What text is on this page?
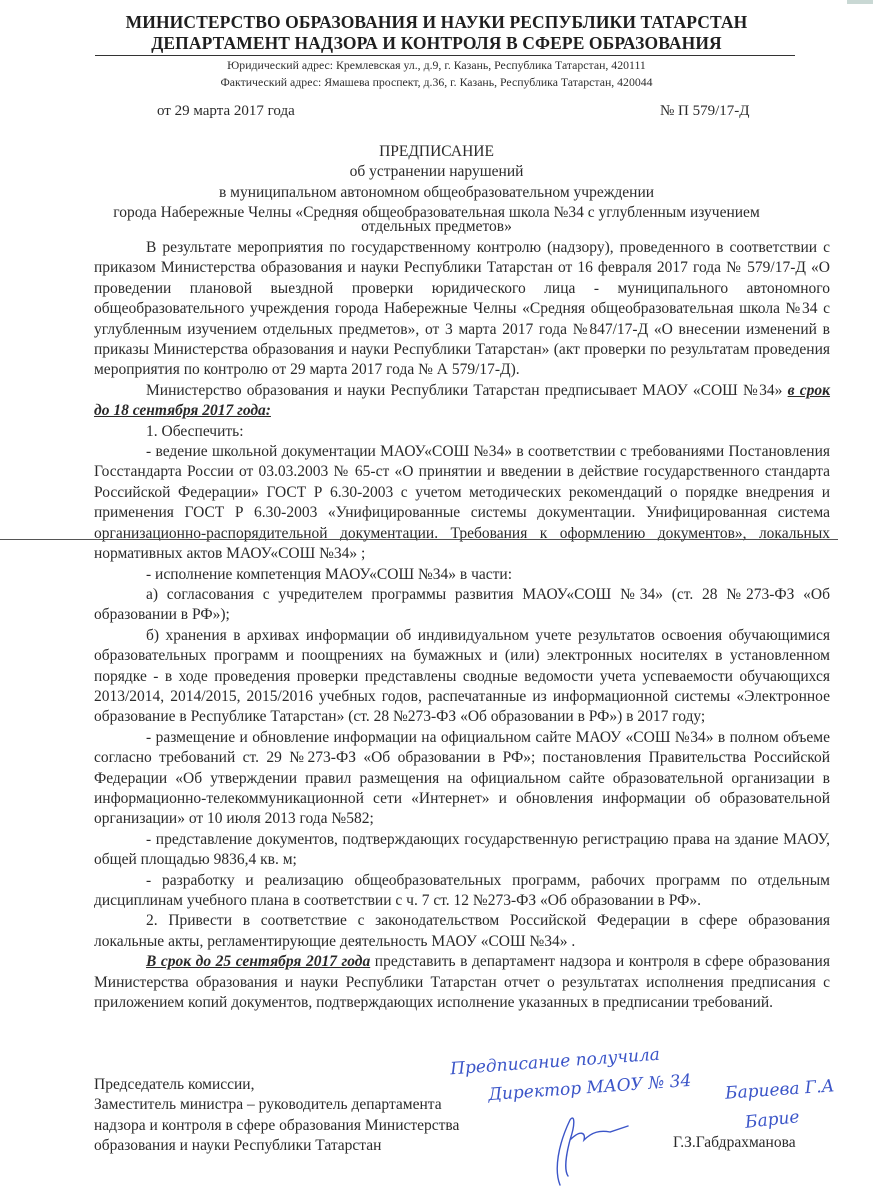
МИНИСТЕРСТВО ОБРАЗОВАНИЯ И НАУКИ РЕСПУБЛИКИ ТАТАРСТАН
ДЕПАРТАМЕНТ НАДЗОРА И КОНТРОЛЯ В СФЕРЕ ОБРАЗОВАНИЯ
Юридический адрес: Кремлевская ул., д.9, г. Казань, Республика Татарстан, 420111
Фактический адрес: Ямашева проспект, д.36, г. Казань, Республика Татарстан, 420044
от 29 марта 2017 года	№ П 579/17-Д
ПРЕДПИСАНИЕ
об устранении нарушений
в муниципальном автономном общеобразовательном учреждении
города Набережные Челны «Средняя общеобразовательная школа №34 с углубленным изучением
отдельных предметов»

В результате мероприятия по государственному контролю (надзору), проведенного в соответствии с приказом Министерства образования и науки Республики Татарстан от 16 февраля 2017 года № 579/17-Д «О проведении плановой выездной проверки юридического лица - муниципального автономного общеобразовательного учреждения города Набережные Челны «Средняя общеобразовательная школа №34 с углубленным изучением отдельных предметов», от 3 марта 2017 года №847/17-Д «О внесении изменений в приказы Министерства образования и науки Республики Татарстан» (акт проверки по результатам проведения мероприятия по контролю от 29 марта 2017 года № А 579/17-Д).

Министерство образования и науки Республики Татарстан предписывает МАОУ «СОШ №34» в срок до 18 сентября 2017 года:

1. Обеспечить:

- ведение школьной документации МАОУ«СОШ №34» в соответствии с требованиями Постановления Госстандарта России от 03.03.2003 № 65-ст «О принятии и введении в действие государственного стандарта Российской Федерации» ГОСТ Р 6.30-2003 с учетом методических рекомендаций о порядке внедрения и применения ГОСТ Р 6.30-2003 «Унифицированные системы документации. Унифицированная система организационно-распорядительной документации. Требования к оформлению документов», локальных нормативных актов МАОУ«СОШ №34» ;

- исполнение компетенция МАОУ«СОШ №34» в части:

а) согласования с учредителем программы развития МАОУ«СОШ №34» (ст. 28 №273-ФЗ «Об образовании в РФ»);

б) хранения в архивах информации об индивидуальном учете результатов освоения обучающимися образовательных программ и поощрениях на бумажных и (или) электронных носителях в установленном порядке - в ходе проведения проверки представлены сводные ведомости учета успеваемости обучающихся 2013/2014, 2014/2015, 2015/2016 учебных годов, распечатанные из информационной системы «Электронное образование в Республике Татарстан» (ст. 28 №273-ФЗ «Об образовании в РФ») в 2017 году;

- размещение и обновление информации на официальном сайте МАОУ «СОШ №34» в полном объеме согласно требований ст. 29 №273-ФЗ «Об образовании в РФ»; постановления Правительства Российской Федерации «Об утверждении правил размещения на официальном сайте образовательной организации в информационно-телекоммуникационной сети «Интернет» и обновления информации об образовательной организации» от 10 июля 2013 года №582;

- представление документов, подтверждающих государственную регистрацию права на здание МАОУ, общей площадью 9836,4 кв. м;

- разработку и реализацию общеобразовательных программ, рабочих программ по отдельным дисциплинам учебного плана в соответствии с ч. 7 ст. 12 №273-ФЗ «Об образовании в РФ».

2. Привести в соответствие с законодательством Российской Федерации в сфере образования локальные акты, регламентирующие деятельность МАОУ «СОШ №34» .

В срок до 25 сентября 2017 года представить в департамент надзора и контроля в сфере образования Министерства образования и науки Республики Татарстан отчет о результатах исполнения предписания с приложением копий документов, подтверждающих исполнение указанных в предписании требований.

Председатель комиссии,
Заместитель министра – руководитель департамента
надзора и контроля в сфере образования Министерства
образования и науки Республики Татарстан	Г.З.Габдрахманова
Предписание получила
Директор МАОУ № 34 Бариева Г.А
Барие
